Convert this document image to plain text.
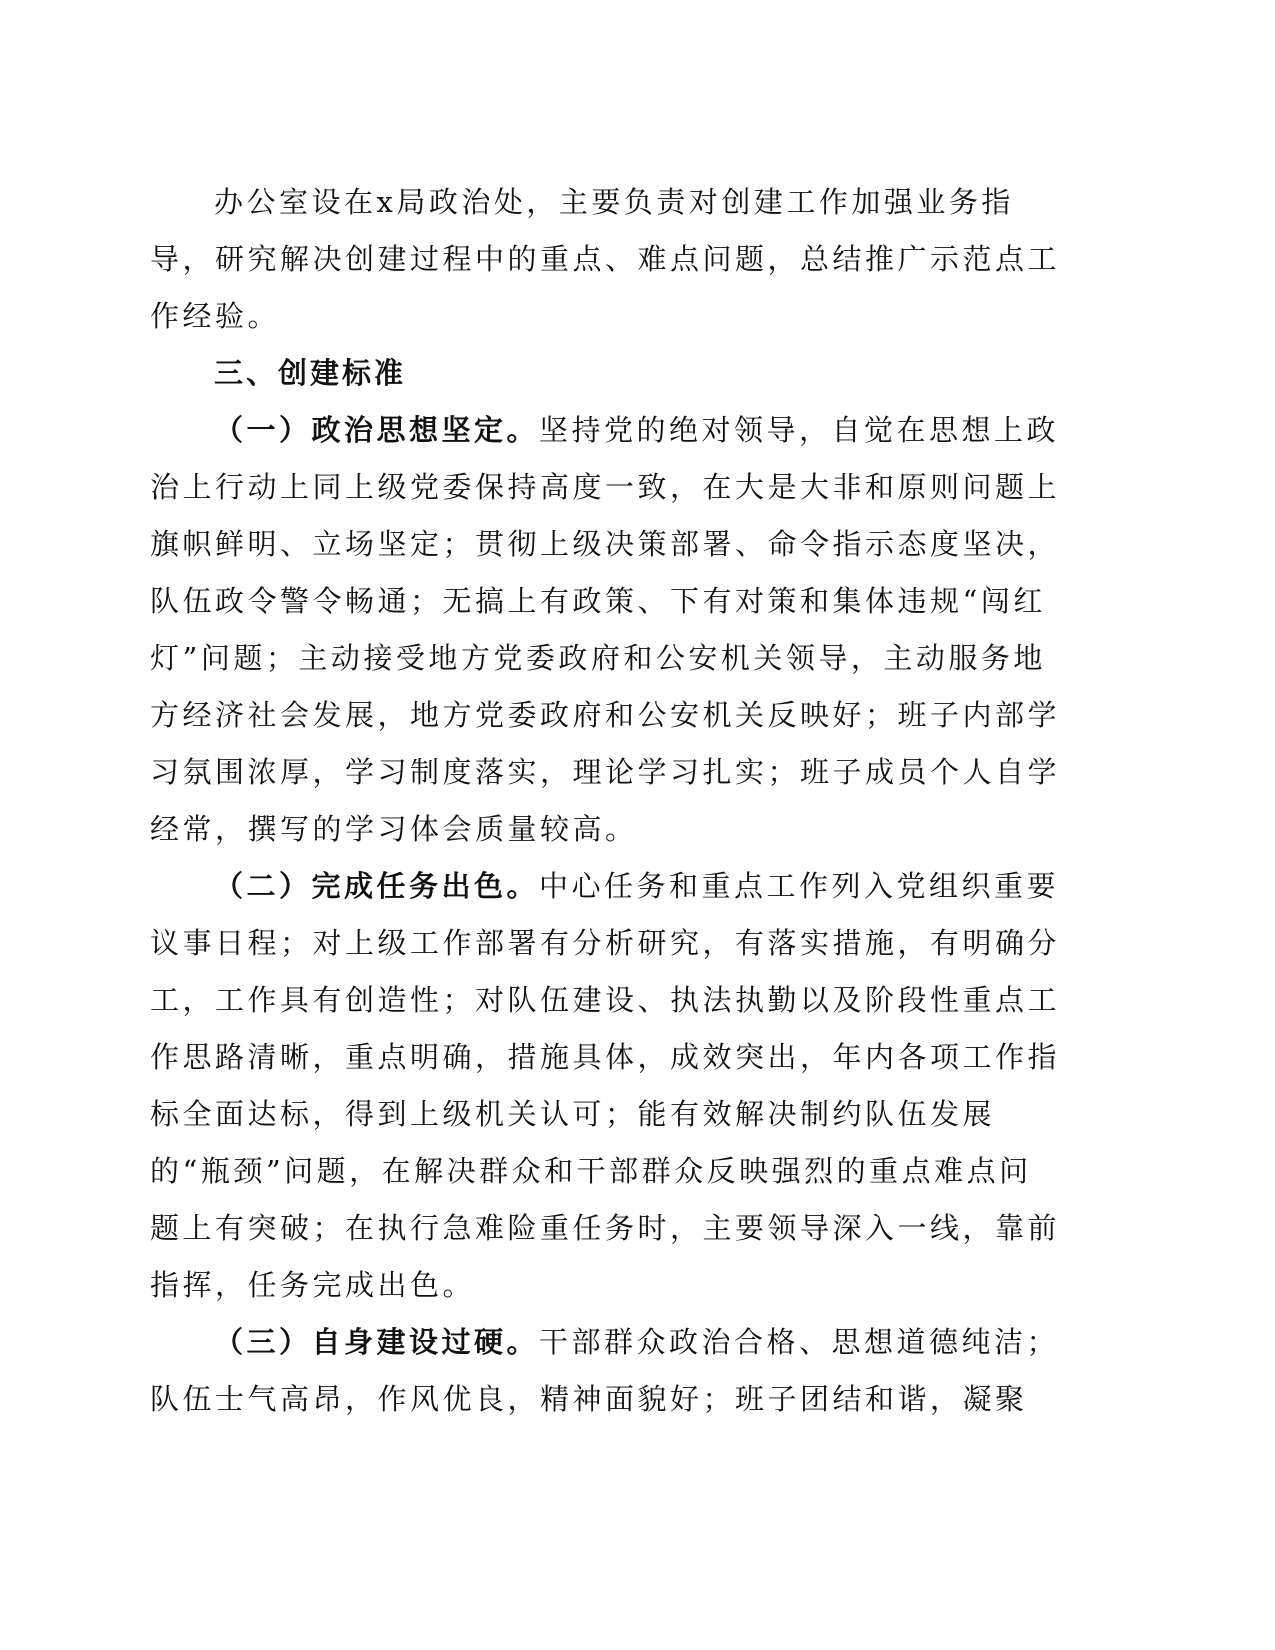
办公室设在x局政治处，主要负责对创建工作加强业务指
导，研究解决创建过程中的重点、难点问题，总结推广示范点工
作经验。
三、创建标准
（一）政治思想坚定。坚持党的绝对领导，自觉在思想上政
治上行动上同上级党委保持高度一致，在大是大非和原则问题上
旗帜鲜明、立场坚定；贯彻上级决策部署、命令指示态度坚决，
队伍政令警令畅通；无搞上有政策、下有对策和集体违规“闯红
灯”问题；主动接受地方党委政府和公安机关领导，主动服务地
方经济社会发展，地方党委政府和公安机关反映好；班子内部学
习氛围浓厚，学习制度落实，理论学习扎实；班子成员个人自学
经常，撰写的学习体会质量较高。
（二）完成任务出色。中心任务和重点工作列入党组织重要
议事日程；对上级工作部署有分析研究，有落实措施，有明确分
工，工作具有创造性；对队伍建设、执法执勤以及阶段性重点工
作思路清晰，重点明确，措施具体，成效突出，年内各项工作指
标全面达标，得到上级机关认可；能有效解决制约队伍发展
的“瓶颈”问题，在解决群众和干部群众反映强烈的重点难点问
题上有突破；在执行急难险重任务时，主要领导深入一线，靠前
指挥，任务完成出色。
（三）自身建设过硬。干部群众政治合格、思想道德纯洁；
队伍士气高昂，作风优良，精神面貌好；班子团结和谐，凝聚
